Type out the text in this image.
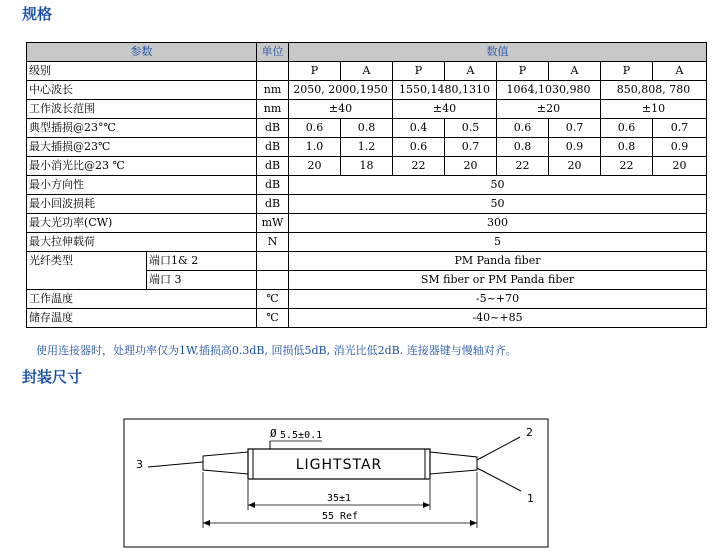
规格
参数		单位	数值							
级别			P	A	P	A	P	A	P	A
中心波长		nm	2050, 2000,1950		1550,1480,1310		1064,1030,980		850,808, 780	
工作波长范围		nm	±40		±40		±20		±10	
典型插损@23°℃		dB	0.6	0.8	0.4	0.5	0.6	0.7	0.6	0.7
最大插损@23℃		dB	1.0	1.2	0.6	0.7	0.8	0.9	0.8	0.9
最小消光比@23 ℃		dB	20	18	22	20	22	20	22	20
最小方向性		dB	50							
最小回波损耗		dB	50							
最大光功率(CW)		mW	300							
最大拉伸载荷		N	5							
光纤类型	端口1& 2		PM Panda fiber							
	端口 3		SM fiber or PM Panda fiber							
工作温度		℃	-5~+70							
储存温度		℃	-40~+85							
使用连接器时，处理功率仅为1W,插损高0.3dB, 回损低5dB, 消光比低2dB. 连接器键与慢轴对齐。
封装尺寸
Ø 5.5±0.1
LIGHTSTAR
35±1
55 Ref
3
2
1
